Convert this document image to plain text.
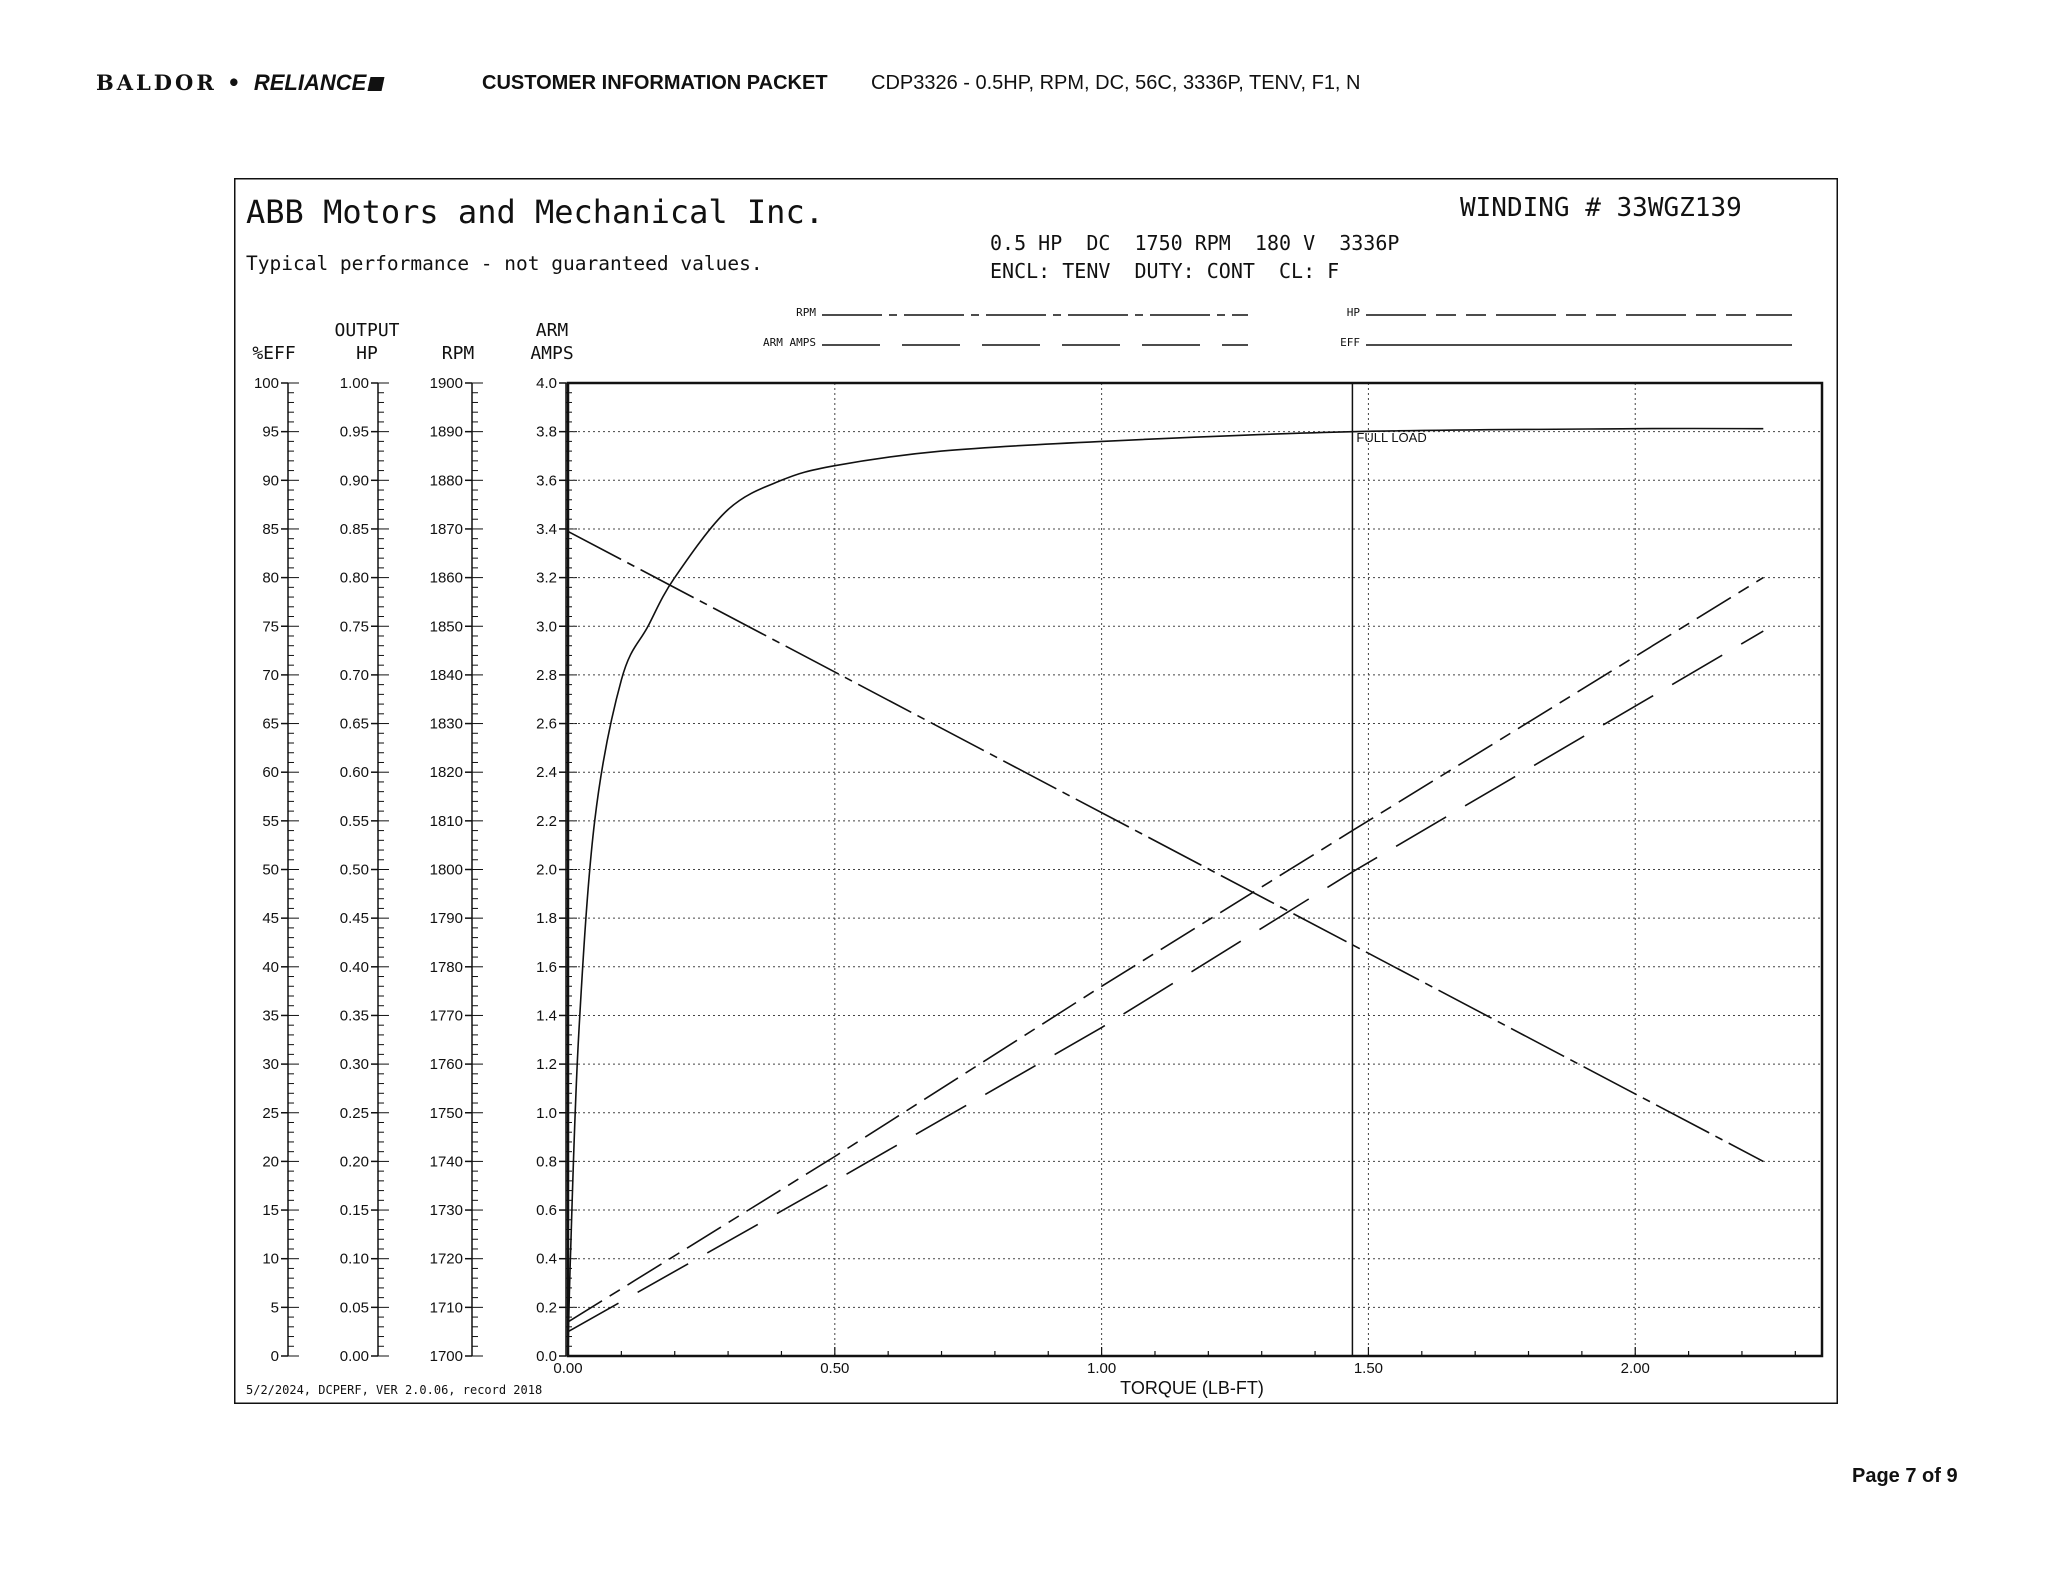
BALDOR • RELIANCE	CUSTOMER INFORMATION PACKET CDP3326 - 0.5HP, RPM, DC, 56C, 3336P, TENV, F1, N
ABB Motors and Mechanical Inc.
Typical performance - not guaranteed values.
WINDING # 33WGZ139
0.5 HP  DC  1750 RPM  180 V  3336P
ENCL: TENV  DUTY: CONT  CL: F
5/2/2024, DCPERF, VER 2.0.06, record 2018
RPM
ARM AMPS
HP
EFF
%EFF
OUTPUT
HP	RPM
ARM
AMPS
100
95
90
85
80
75
70
65
60
55
50
45
40
35
30
25
20
15
10
5
0
1.00
0.95
0.90
0.85
0.80
0.75
0.70
0.65
0.60
0.55
0.50
0.45
0.40
0.35
0.30
0.25
0.20
0.15
0.10
0.05
0.00
1900
1890
1880
1870
1860
1850
1840
1830
1820
1810
1800
1790
1780
1770
1760
1750
1740
1730
1720
1710
1700
4.0
3.8
3.6
3.4
3.2
3.0
2.8
2.6
2.4
2.2
2.0
1.8
1.6
1.4
1.2
1.0
0.8
0.6
0.4
0.2
0.0
0.00	0.50	1.00	1.50	2.00
FULL LOAD
TORQUE (LB-FT)
Page 7 of 9
